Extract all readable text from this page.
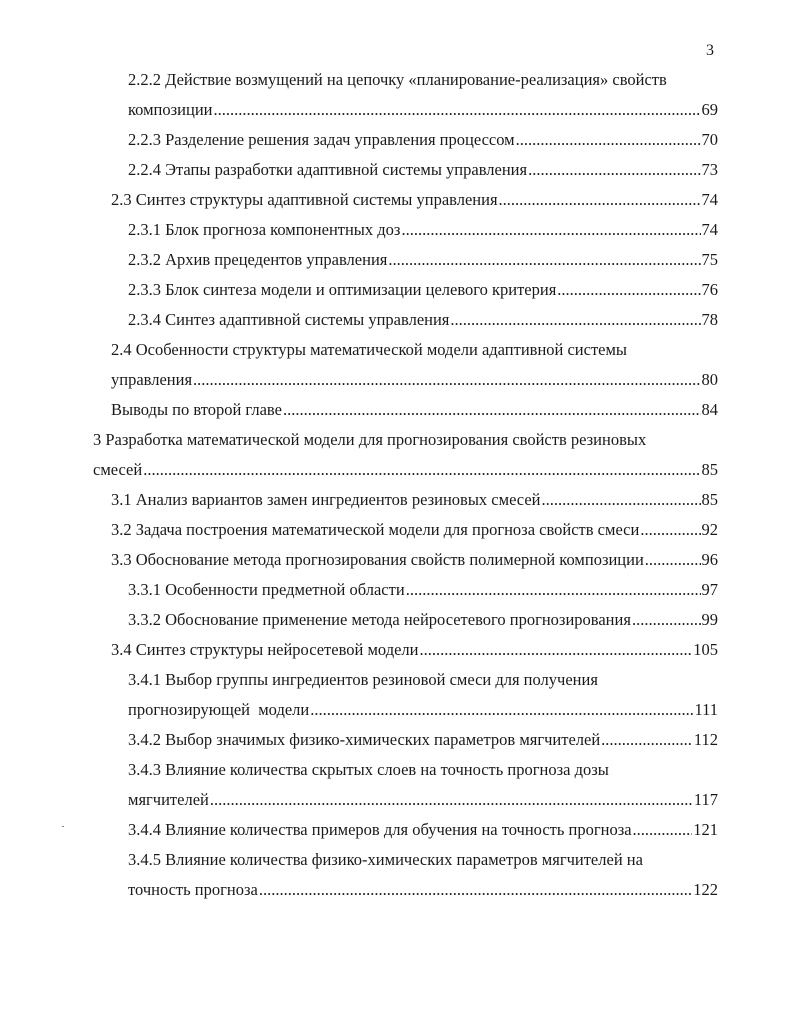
3
2.2.2 Действие возмущений на цепочку «планирование-реализация» свойств
композиции .....	69
2.2.3 Разделение решения задач управления процессом .....	70
2.2.4 Этапы разработки адаптивной системы управления .....	73
2.3 Синтез структуры адаптивной системы управления .....	74
2.3.1 Блок прогноза компонентных доз .....	74
2.3.2 Архив прецедентов управления .....	75
2.3.3 Блок синтеза модели и оптимизации целевого критерия .....	76
2.3.4 Синтез адаптивной системы управления .....	78
2.4 Особенности структуры математической модели адаптивной системы
управления .....	80
Выводы по второй главе .....	84
3 Разработка математической модели для прогнозирования свойств резиновых
смесей .....	85
3.1 Анализ вариантов замен ингредиентов резиновых смесей .....	85
3.2 Задача построения математической модели для прогноза свойств смеси .....	92
3.3 Обоснование метода прогнозирования свойств полимерной композиции .....	96
3.3.1 Особенности предметной области .....	97
3.3.2 Обоснование применение метода нейросетевого прогнозирования .....	99
3.4 Синтез структуры нейросетевой модели .....	105
3.4.1 Выбор группы ингредиентов резиновой смеси для получения
прогнозирующей  модели .....	111
3.4.2 Выбор значимых физико-химических параметров мягчителей .....	112
3.4.3 Влияние количества скрытых слоев на точность прогноза дозы
мягчителей .....	117
3.4.4 Влияние количества примеров для обучения на точность прогноза .....	121
3.4.5 Влияние количества физико-химических параметров мягчителей на
точность прогноза .....	122
